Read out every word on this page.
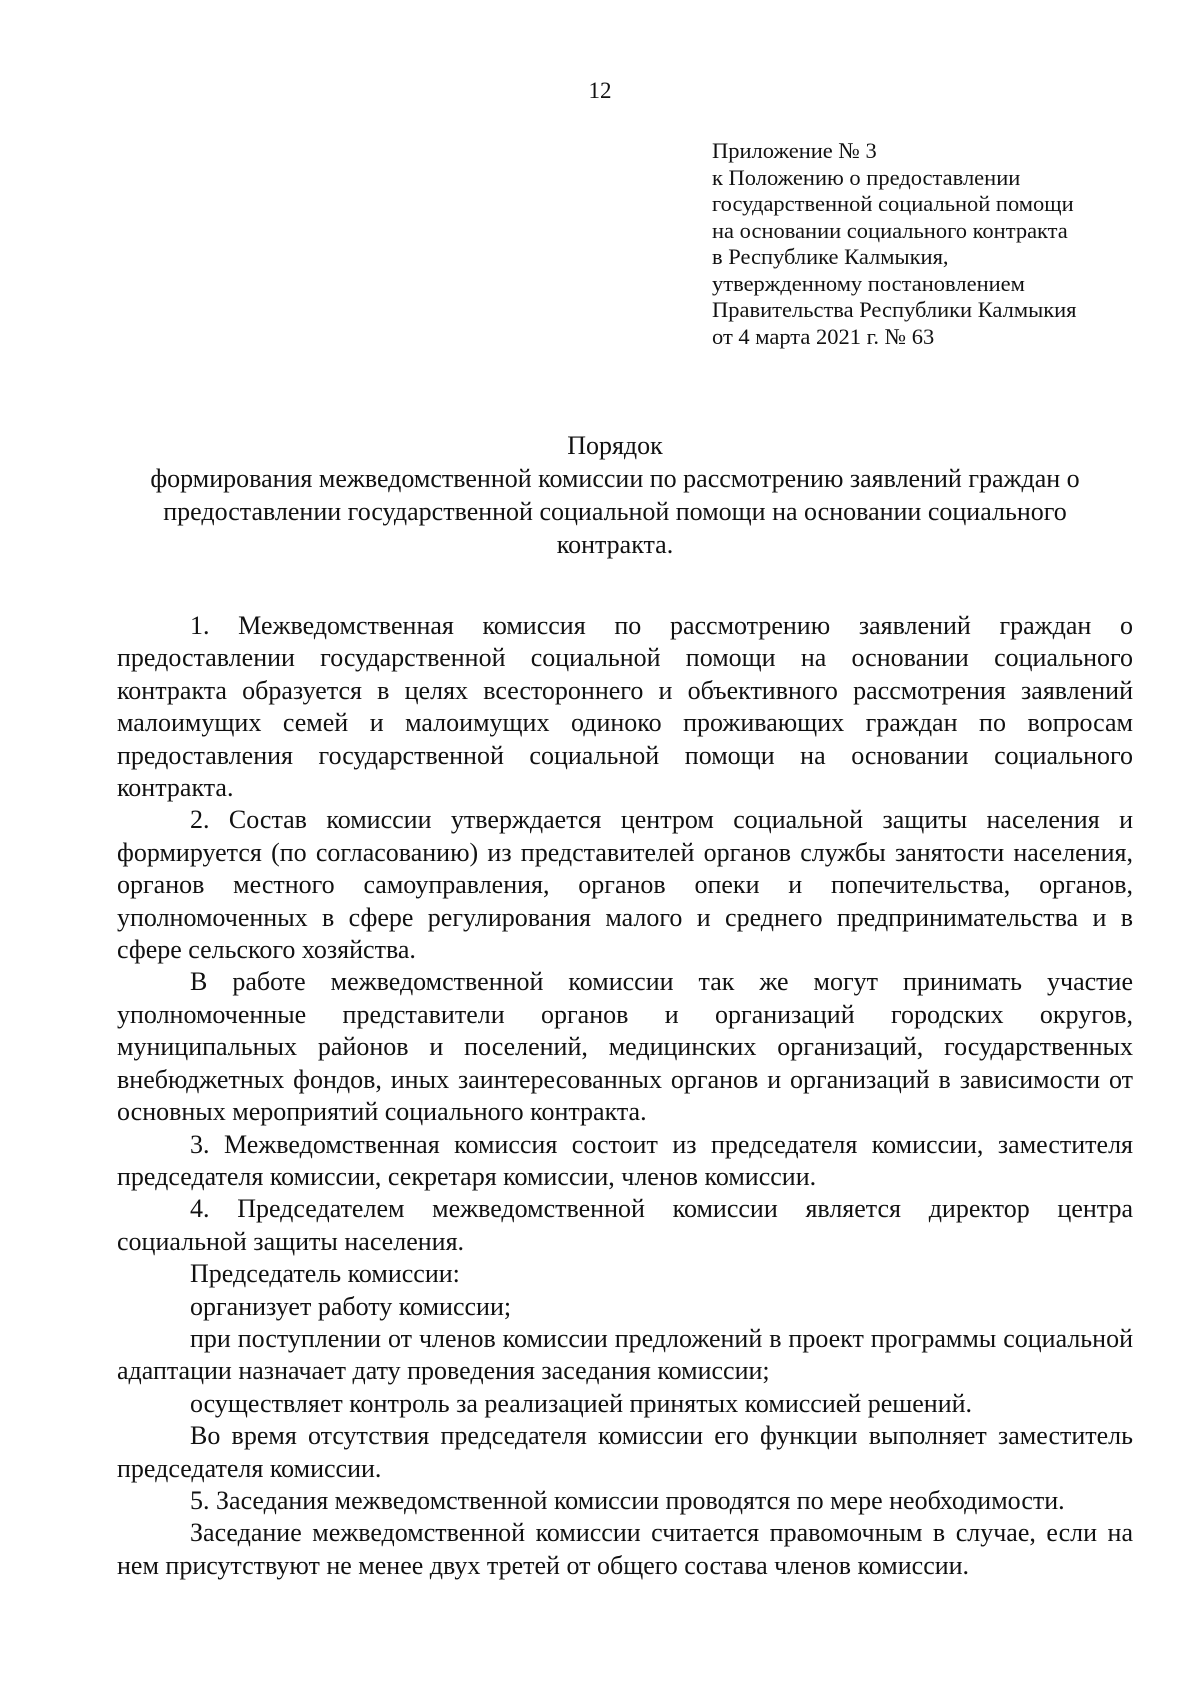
12
Приложение № 3
к Положению о предоставлении
государственной социальной помощи
на основании социального контракта
в Республике Калмыкия,
утвержденному постановлением
Правительства Республики Калмыкия
от 4 марта 2021 г. № 63
Порядок
формирования межведомственной комиссии по рассмотрению заявлений граждан о предоставлении государственной социальной помощи на основании социального контракта.

1. Межведомственная комиссия по рассмотрению заявлений граждан о предоставлении государственной социальной помощи на основании социального контракта образуется в целях всестороннего и объективного рассмотрения заявлений малоимущих семей и малоимущих одиноко проживающих граждан по вопросам предоставления государственной социальной помощи на основании социального контракта.

2. Состав комиссии утверждается центром социальной защиты населения и формируется (по согласованию) из представителей органов службы занятости населения, органов местного самоуправления, органов опеки и попечительства, органов, уполномоченных в сфере регулирования малого и среднего предпринимательства и в сфере сельского хозяйства.

В работе межведомственной комиссии так же могут принимать участие уполномоченные представители органов и организаций городских округов, муниципальных районов и поселений, медицинских организаций, государственных внебюджетных фондов, иных заинтересованных органов и организаций в зависимости от основных мероприятий социального контракта.

3. Межведомственная комиссия состоит из председателя комиссии, заместителя председателя комиссии, секретаря комиссии, членов комиссии.

4. Председателем межведомственной комиссии является директор центра социальной защиты населения.

Председатель комиссии:

организует работу комиссии;

при поступлении от членов комиссии предложений в проект программы социальной адаптации назначает дату проведения заседания комиссии;

осуществляет контроль за реализацией принятых комиссией решений.

Во время отсутствия председателя комиссии его функции выполняет заместитель председателя комиссии.

5. Заседания межведомственной комиссии проводятся по мере необходимости.

Заседание межведомственной комиссии считается правомочным в случае, если на нем присутствуют не менее двух третей от общего состава членов комиссии.
